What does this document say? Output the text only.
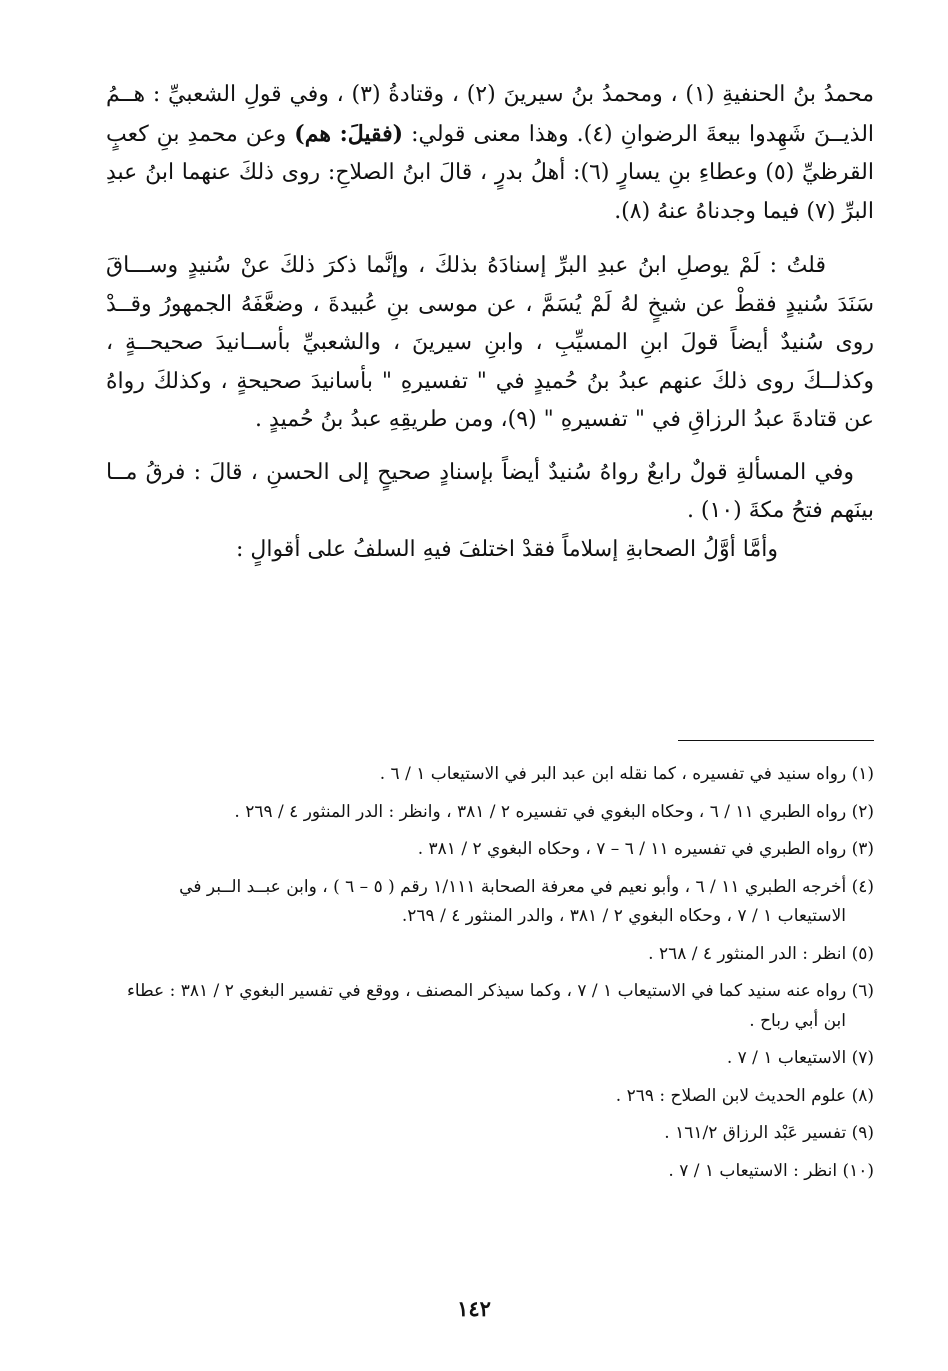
محمدُ بنُ الحنفيةِ (١) ، ومحمدُ بنُ سيرينَ (٢) ، وقتادةُ (٣) ، وفي قولِ الشعبيِّ : هــمُ الذيــنَ شَهِدوا بيعةَ الرضوانِ (٤). وهذا معنى قولي: (فقيلَ: هم) وعن محمدِ بنِ كعبٍ القرظيِّ (٥) وعطاءِ بنِ يسارٍ (٦): أهلُ بدرٍ ، قالَ ابنُ الصلاحِ: روى ذلكَ عنهما ابنُ عبدِ البرِّ (٧) فيما وجدناهُ عنهُ (٨).

قلتُ : لَمْ يوصلِ ابنُ عبدِ البرِّ إسنادَهُ بذلكَ ، وإنَّما ذكرَ ذلكَ عنْ سُنيدٍ وســـاقَ سَنَدَ سُنيدٍ فقطْ عن شيخٍ لهُ لَمْ يُسَمَّ ، عن موسى بنِ عُبيدةَ ، وضعَّفَهُ الجمهورُ وقــدْ روى سُنيدٌ أيضاً قولَ ابنِ المسيِّبِ ، وابنِ سيرينَ ، والشعبيِّ بأســانيدَ صحيحــةٍ ، وكذلــكَ روى ذلكَ عنهم عبدُ بنُ حُميدٍ في " تفسيرهِ " بأسانيدَ صحيحةٍ ، وكذلكَ رواهُ عن قتادةَ عبدُ الرزاقِ في " تفسيرهِ " (٩)، ومن طريقِهِ عبدُ بنُ حُميدٍ .

وفي المسألةِ قولٌ رابعٌ رواهُ سُنيدٌ أيضاً بإسنادٍ صحيحٍ إلى الحسنِ ، قالَ : فرقُ مــا بينَهم فتحُ مكةَ (١٠) .

وأمَّا أوَّلُ الصحابةِ إسلاماً فقدْ اختلفَ فيهِ السلفُ على أقوالٍ :

(١) رواه سنيد في تفسيره ، كما نقله ابن عبد البر في الاستيعاب ١ / ٦ .

(٢) رواه الطبري ١١ / ٦ ، وحكاه البغوي في تفسيره ٢ / ٣٨١ ، وانظر : الدر المنثور ٤ / ٢٦٩ .

(٣) رواه الطبري في تفسيره ١١ / ٦ – ٧ ، وحكاه البغوي ٢ / ٣٨١ .

(٤) أخرجه الطبري ١١ / ٦ ، وأبو نعيم في معرفة الصحابة ١/١١١ رقم ( ٥ – ٦ ) ، وابن عبــد الــبر في الاستيعاب ١ / ٧ ، وحكاه البغوي ٢ / ٣٨١ ، والدر المنثور ٤ / ٢٦٩.

(٥) انظر : الدر المنثور ٤ / ٢٦٨ .

(٦) رواه عنه سنيد كما في الاستيعاب ١ / ٧ ، وكما سيذكر المصنف ، ووقع في تفسير البغوي ٢ / ٣٨١ : عطاء ابن أبي رباح .

(٧) الاستيعاب ١ / ٧ .

(٨) علوم الحديث لابن الصلاح : ٢٦٩ .

(٩) تفسير عَبْد الرزاق ١٦١/٢ .

(١٠) انظر : الاستيعاب ١ / ٧ .

١٤٢
